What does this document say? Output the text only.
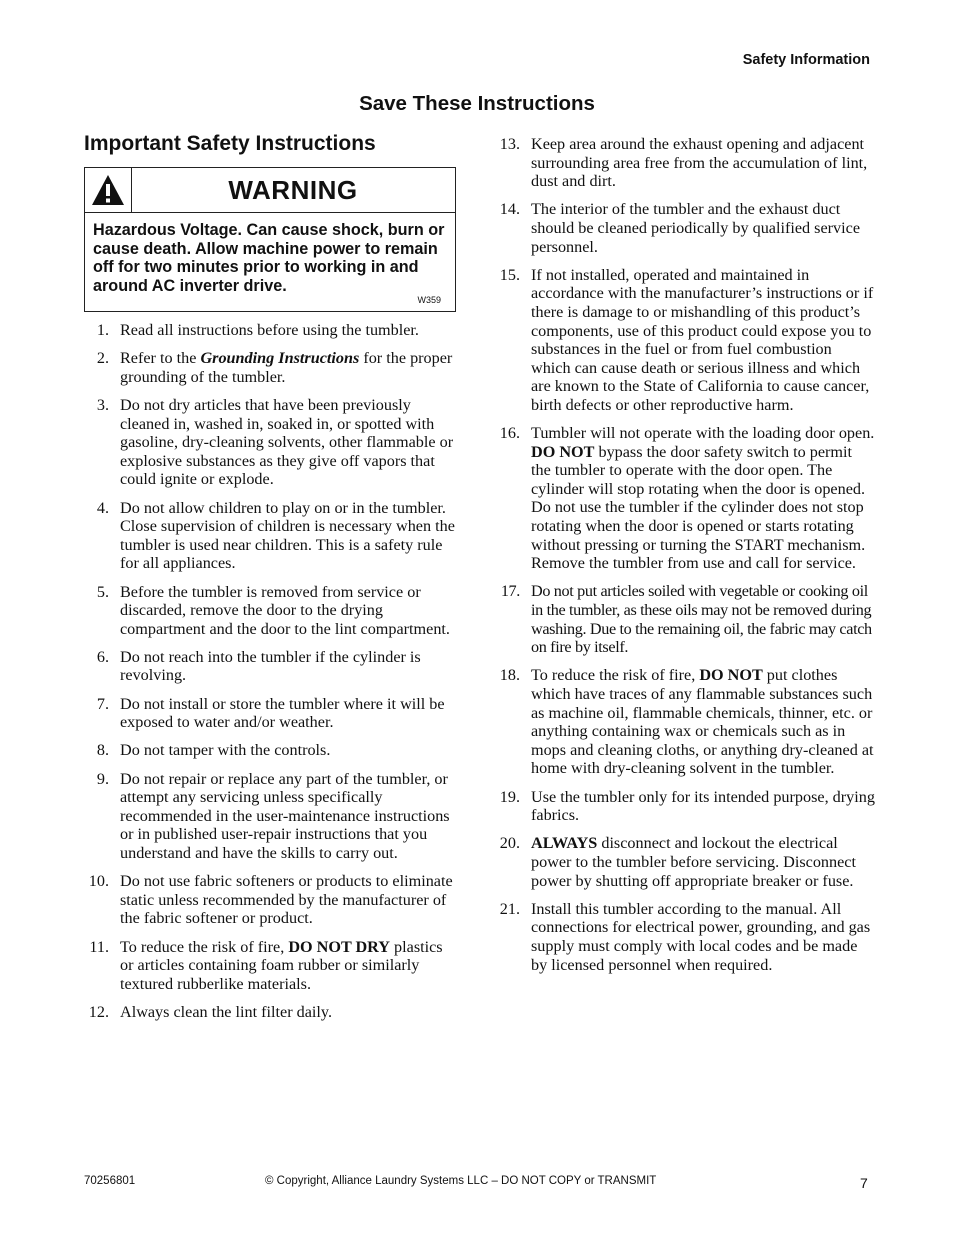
Safety Information
Save These Instructions
Important Safety Instructions
WARNING
Hazardous Voltage. Can cause shock, burn or cause death. Allow machine power to remain off for two minutes prior to working in and around AC inverter drive.
W359
1. Read all instructions before using the tumbler.
2. Refer to the Grounding Instructions for the proper grounding of the tumbler.
3. Do not dry articles that have been previously cleaned in, washed in, soaked in, or spotted with gasoline, dry-cleaning solvents, other flammable or explosive substances as they give off vapors that could ignite or explode.
4. Do not allow children to play on or in the tumbler. Close supervision of children is necessary when the tumbler is used near children. This is a safety rule for all appliances.
5. Before the tumbler is removed from service or discarded, remove the door to the drying compartment and the door to the lint compartment.
6. Do not reach into the tumbler if the cylinder is revolving.
7. Do not install or store the tumbler where it will be exposed to water and/or weather.
8. Do not tamper with the controls.
9. Do not repair or replace any part of the tumbler, or attempt any servicing unless specifically recommended in the user-maintenance instructions or in published user-repair instructions that you understand and have the skills to carry out.
10. Do not use fabric softeners or products to eliminate static unless recommended by the manufacturer of the fabric softener or product.
11. To reduce the risk of fire, DO NOT DRY plastics or articles containing foam rubber or similarly textured rubberlike materials.
12. Always clean the lint filter daily.
13. Keep area around the exhaust opening and adjacent surrounding area free from the accumulation of lint, dust and dirt.
14. The interior of the tumbler and the exhaust duct should be cleaned periodically by qualified service personnel.
15. If not installed, operated and maintained in accordance with the manufacturer’s instructions or if there is damage to or mishandling of this product’s components, use of this product could expose you to substances in the fuel or from fuel combustion which can cause death or serious illness and which are known to the State of California to cause cancer, birth defects or other reproductive harm.
16. Tumbler will not operate with the loading door open. DO NOT bypass the door safety switch to permit the tumbler to operate with the door open. The cylinder will stop rotating when the door is opened. Do not use the tumbler if the cylinder does not stop rotating when the door is opened or starts rotating without pressing or turning the START mechanism. Remove the tumbler from use and call for service.
17. Do not put articles soiled with vegetable or cooking oil in the tumbler, as these oils may not be removed during washing. Due to the remaining oil, the fabric may catch on fire by itself.
18. To reduce the risk of fire, DO NOT put clothes which have traces of any flammable substances such as machine oil, flammable chemicals, thinner, etc. or anything containing wax or chemicals such as in mops and cleaning cloths, or anything dry-cleaned at home with dry-cleaning solvent in the tumbler.
19. Use the tumbler only for its intended purpose, drying fabrics.
20. ALWAYS disconnect and lockout the electrical power to the tumbler before servicing. Disconnect power by shutting off appropriate breaker or fuse.
21. Install this tumbler according to the manual. All connections for electrical power, grounding, and gas supply must comply with local codes and be made by licensed personnel when required.
70256801	© Copyright, Alliance Laundry Systems LLC – DO NOT COPY or TRANSMIT	7
